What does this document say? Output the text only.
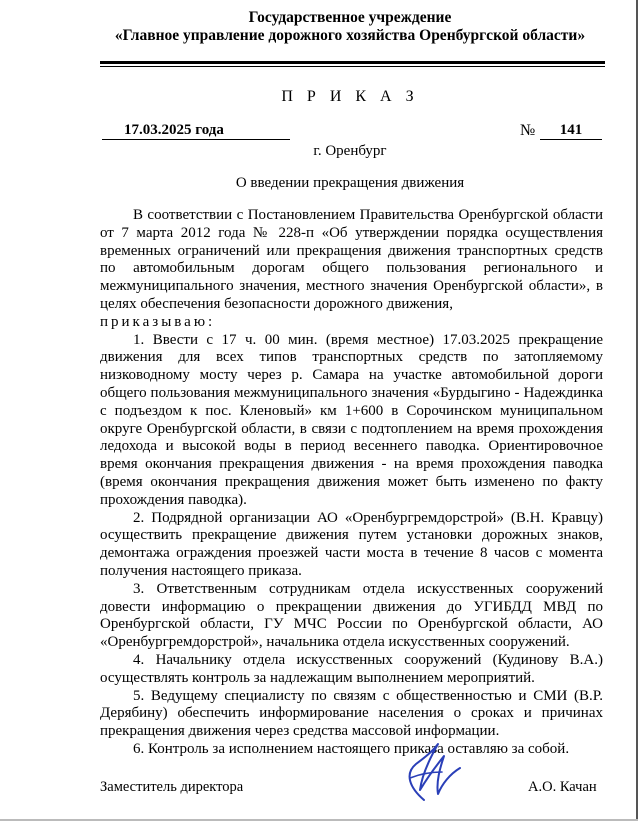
Государственное учреждение
«Главное управление дорожного хозяйства Оренбургской области»
П Р И К А З
17.03.2025 года	№	141
г. Оренбург
О введении прекращения движения

В соответствии с Постановлением Правительства Оренбургской области от 7 марта 2012 года № 228-п «Об утверждении порядка осуществления временных ограничений или прекращения движения транспортных средств по автомобильным дорогам общего пользования регионального и межмуниципального значения, местного значения Оренбургской области», в целях обеспечения безопасности дорожного движения,

приказываю:

1. Ввести с 17 ч. 00 мин. (время местное) 17.03.2025 прекращение движения для всех типов транспортных средств по затопляемому низководному мосту через р. Самара на участке автомобильной дороги общего пользования межмуниципального значения «Бурдыгино - Надеждинка с подъездом к пос. Кленовый» км 1+600 в Сорочинском муниципальном округе Оренбургской области, в связи с подтоплением на время прохождения ледохода и высокой воды в период весеннего паводка. Ориентировочное время окончания прекращения движения - на время прохождения паводка (время окончания прекращения движения может быть изменено по факту прохождения паводка).

2. Подрядной организации АО «Оренбургремдорстрой» (В.Н. Кравцу) осуществить прекращение движения путем установки дорожных знаков, демонтажа ограждения проезжей части моста в течение 8 часов с момента получения настоящего приказа.

3. Ответственным сотрудникам отдела искусственных сооружений довести информацию о прекращении движения до УГИБДД МВД по Оренбургской области, ГУ МЧС России по Оренбургской области, АО «Оренбургремдорстрой», начальника отдела искусственных сооружений.

4. Начальнику отдела искусственных сооружений (Кудинову В.А.) осуществлять контроль за надлежащим выполнением мероприятий.

5. Ведущему специалисту по связям с общественностью и СМИ (В.Р. Дерябину) обеспечить информирование населения о сроках и причинах прекращения движения через средства массовой информации.

6. Контроль за исполнением настоящего приказа оставляю за собой.

Заместитель директора	А.О. Качан
